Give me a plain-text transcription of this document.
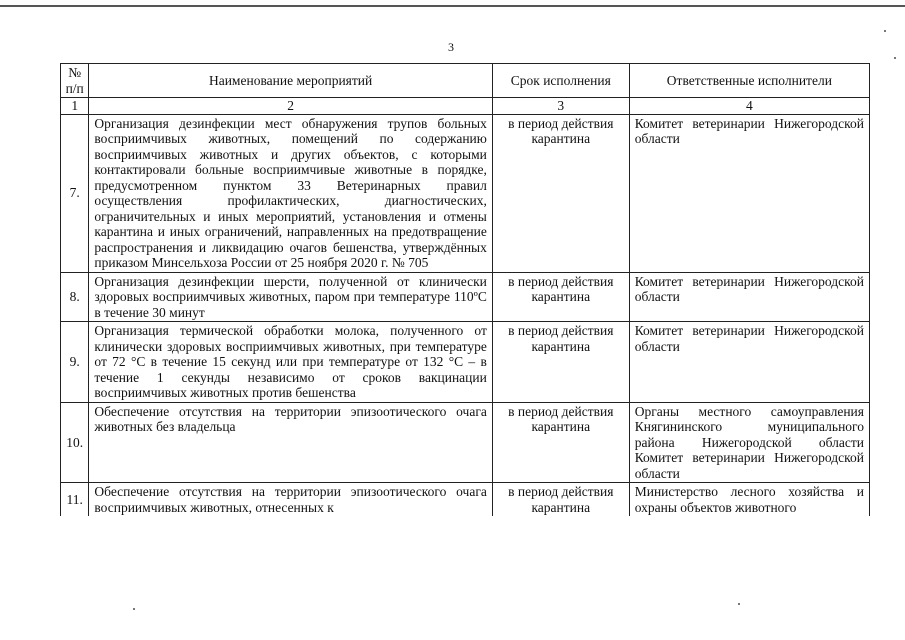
3
№ п/п	Наименование мероприятий	Срок исполнения	Ответственные исполнители
1	2	3	4
7.	Организация дезинфекции мест обнаружения трупов больных восприимчивых животных, помещений по содержанию восприимчивых животных и других объектов, с которыми контактировали больные восприимчивые животные в порядке, предусмотренном пунктом 33 Ветеринарных правил осуществления профилактических, диагностических, ограничительных и иных мероприятий, установления и отмены карантина и иных ограничений, направленных на предотвращение распространения и ликвидацию очагов бешенства, утверждённых приказом Минсельхоза России от 25 ноября 2020 г. № 705	в период действия карантина	Комитет ветеринарии Нижегородской области
8.	Организация дезинфекции шерсти, полученной от клинически здоровых восприимчивых животных, паром при температуре 110ºС в течение 30 минут	в период действия карантина	Комитет ветеринарии Нижегородской области
9.	Организация термической обработки молока, полученного от клинически здоровых восприимчивых животных, при температуре от 72 °С в течение 15 секунд или при температуре от 132 °С – в течение 1 секунды независимо от сроков вакцинации восприимчивых животных против бешенства	в период действия карантина	Комитет ветеринарии Нижегородской области
10.	Обеспечение отсутствия на территории эпизоотического очага животных без владельца	в период действия карантина	Органы местного самоуправления Княгининского муниципального района Нижегородской области Комитет ветеринарии Нижегородской области
11.	Обеспечение отсутствия на территории эпизоотического очага восприимчивых животных, отнесенных к	в период действия карантина	Министерство лесного хозяйства и охраны объектов животного
